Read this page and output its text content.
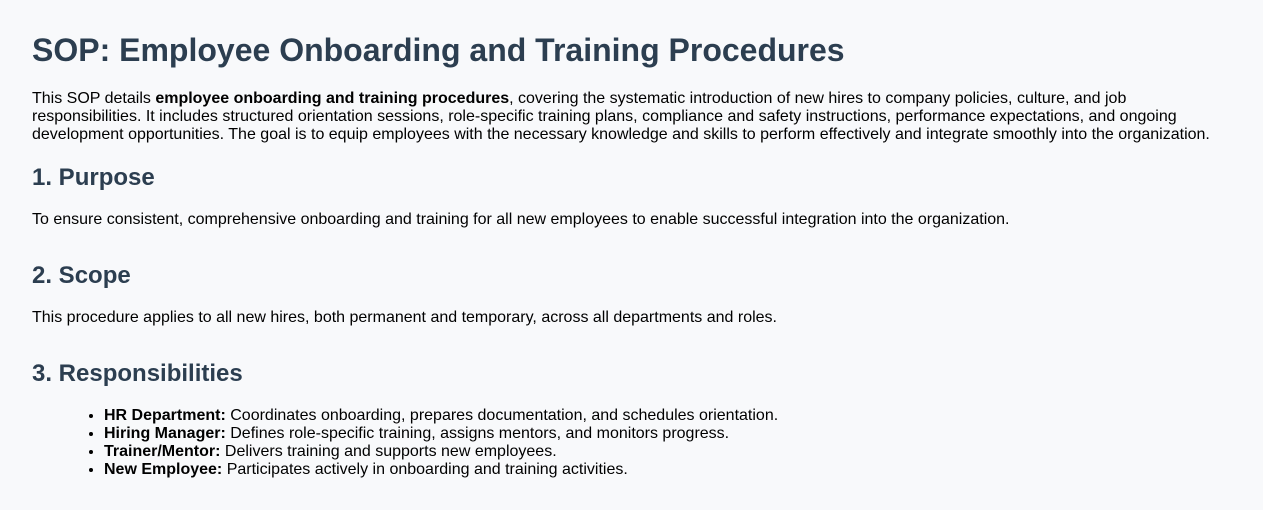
SOP: Employee Onboarding and Training Procedures

This SOP details employee onboarding and training procedures, covering the systematic introduction of new hires to company policies, culture, and job responsibilities. It includes structured orientation sessions, role-specific training plans, compliance and safety instructions, performance expectations, and ongoing development opportunities. The goal is to equip employees with the necessary knowledge and skills to perform effectively and integrate smoothly into the organization.

1. Purpose

To ensure consistent, comprehensive onboarding and training for all new employees to enable successful integration into the organization.

2. Scope

This procedure applies to all new hires, both permanent and temporary, across all departments and roles.

3. Responsibilities
• HR Department: Coordinates onboarding, prepares documentation, and schedules orientation.
• Hiring Manager: Defines role-specific training, assigns mentors, and monitors progress.
• Trainer/Mentor: Delivers training and supports new employees.
• New Employee: Participates actively in onboarding and training activities.
